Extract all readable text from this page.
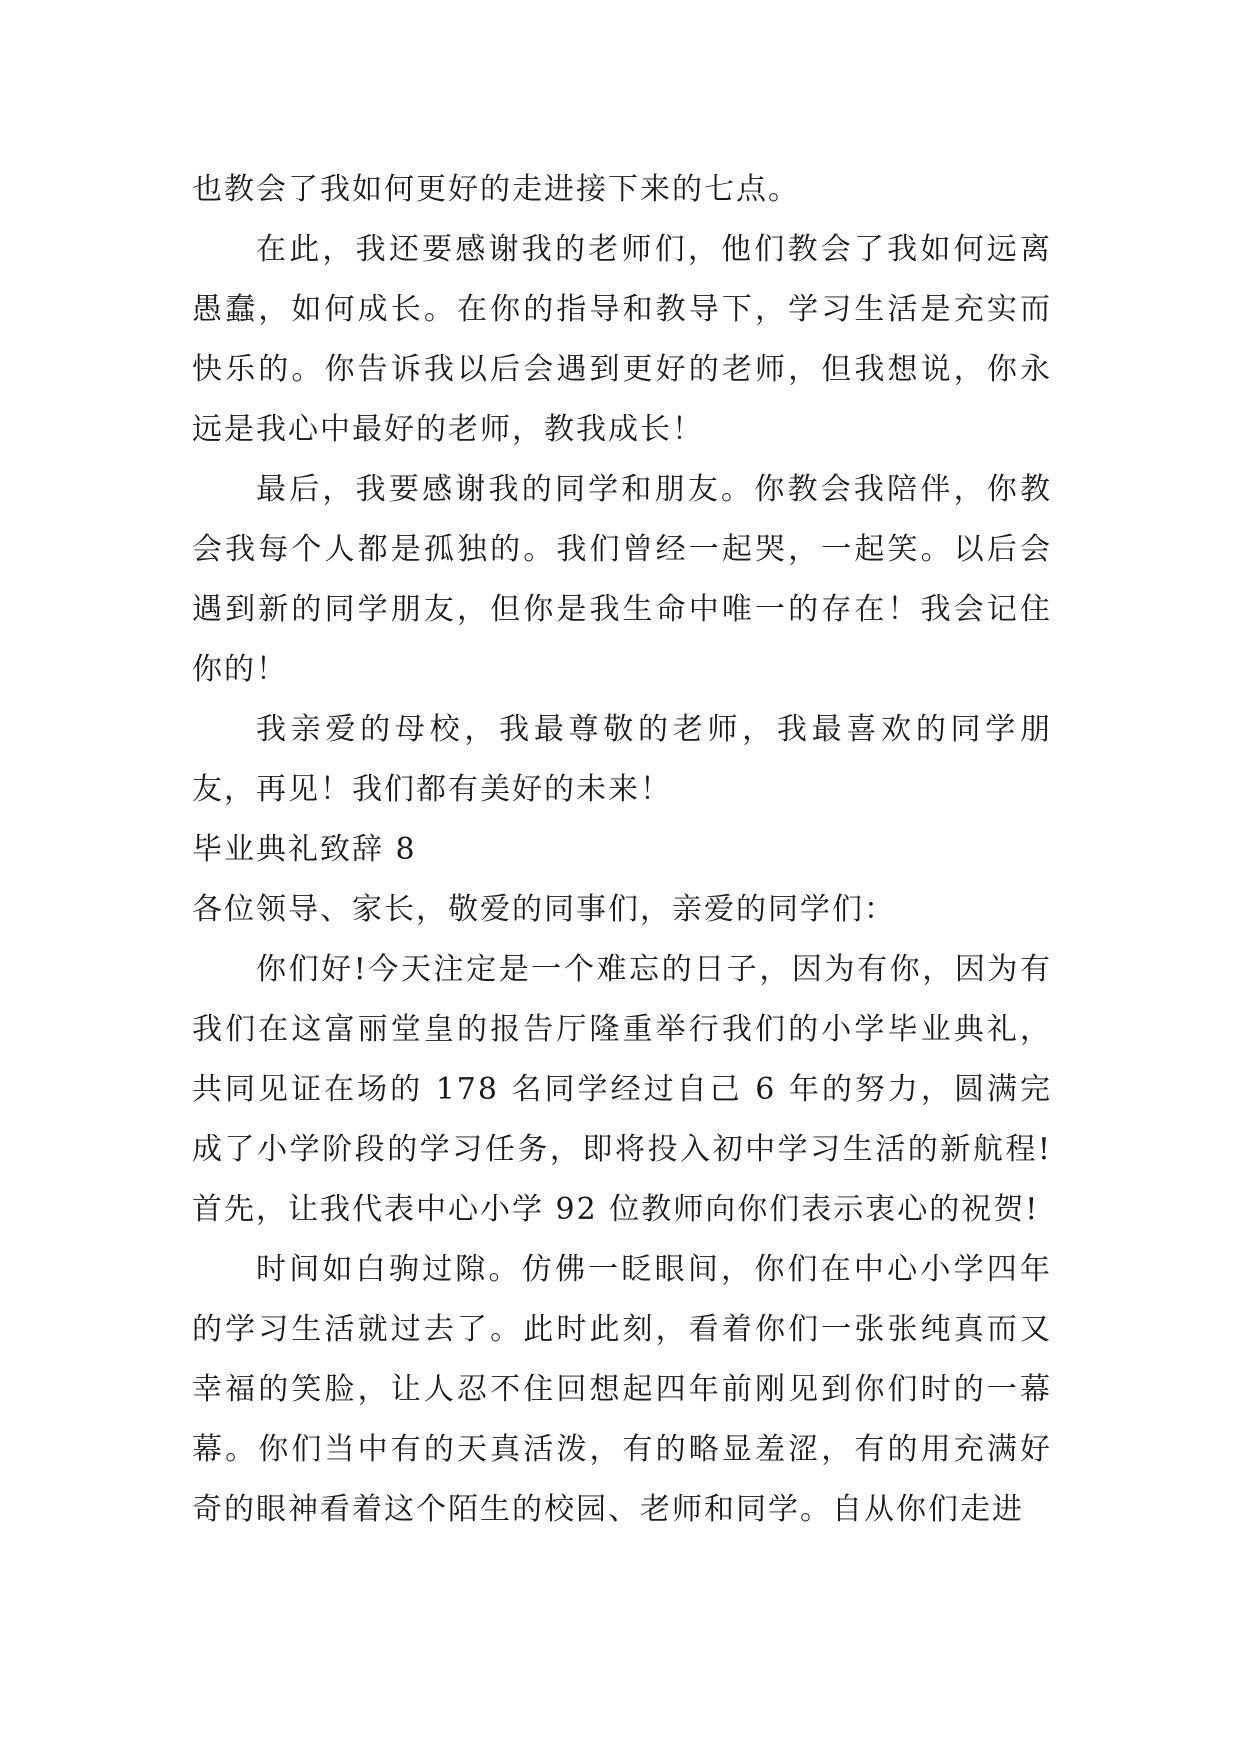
也教会了我如何更好的走进接下来的七点。

在此，我还要感谢我的老师们，他们教会了我如何远离愚蠢，如何成长。在你的指导和教导下，学习生活是充实而快乐的。你告诉我以后会遇到更好的老师，但我想说，你永远是我心中最好的老师，教我成长！

最后，我要感谢我的同学和朋友。你教会我陪伴，你教会我每个人都是孤独的。我们曾经一起哭，一起笑。以后会遇到新的同学朋友，但你是我生命中唯一的存在！我会记住你的！

我亲爱的母校，我最尊敬的老师，我最喜欢的同学朋友，再见！我们都有美好的未来！

毕业典礼致辞 8

各位领导、家长，敬爱的同事们，亲爱的同学们：

你们好!今天注定是一个难忘的日子，因为有你，因为有我们在这富丽堂皇的报告厅隆重举行我们的小学毕业典礼，共同见证在场的 178 名同学经过自己 6 年的努力，圆满完成了小学阶段的学习任务，即将投入初中学习生活的新航程!首先，让我代表中心小学 92 位教师向你们表示衷心的祝贺!

时间如白驹过隙。仿佛一眨眼间，你们在中心小学四年的学习生活就过去了。此时此刻，看着你们一张张纯真而又幸福的笑脸，让人忍不住回想起四年前刚见到你们时的一幕幕。你们当中有的天真活泼，有的略显羞涩，有的用充满好奇的眼神看着这个陌生的校园、老师和同学。自从你们走进
